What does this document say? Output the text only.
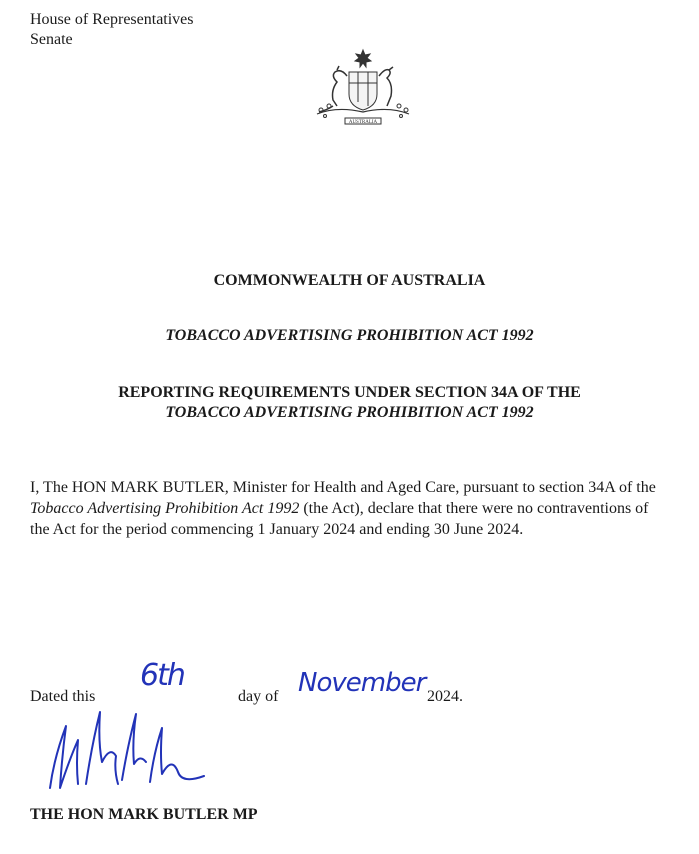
House of Representatives
Senate
AUSTRALIA
COMMONWEALTH OF AUSTRALIA
TOBACCO ADVERTISING PROHIBITION ACT 1992
REPORTING REQUIREMENTS UNDER SECTION 34A OF THE
TOBACCO ADVERTISING PROHIBITION ACT 1992
I, The HON MARK BUTLER, Minister for Health and Aged Care, pursuant to section 34A of the Tobacco Advertising Prohibition Act 1992 (the Act), declare that there were no contraventions of the Act for the period commencing 1 January 2024 and ending 30 June 2024.
Dated this
6th
day of November 2024.
THE HON MARK BUTLER MP
